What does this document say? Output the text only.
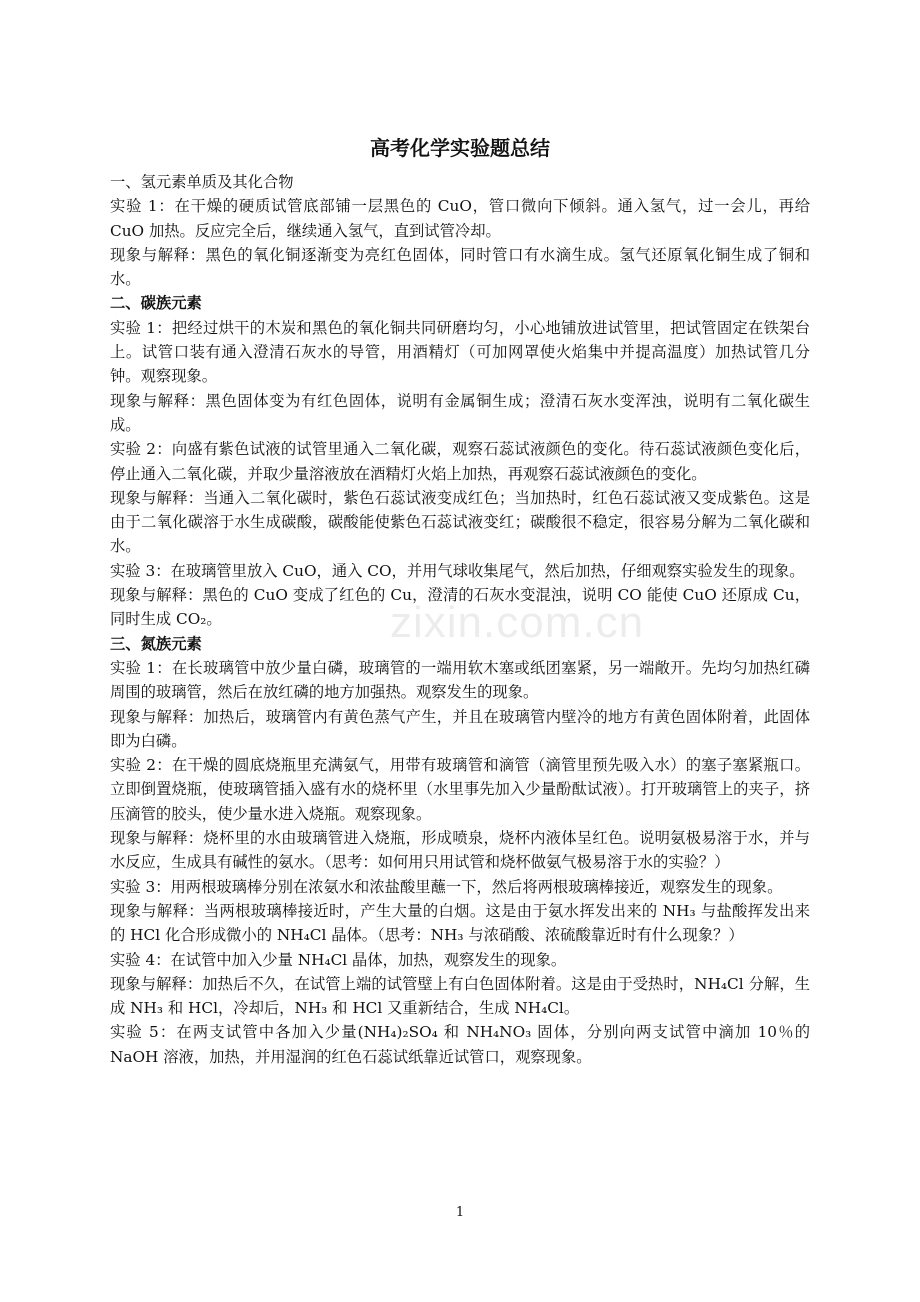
zixin.com.cn
高考化学实验题总结

一、氢元素单质及其化合物

实验 1：在干燥的硬质试管底部铺一层黑色的 CuO，管口微向下倾斜。通入氢气，过一会儿，再给 CuO 加热。反应完全后，继续通入氢气，直到试管冷却。

现象与解释：黑色的氧化铜逐渐变为亮红色固体，同时管口有水滴生成。氢气还原氧化铜生成了铜和水。

二、碳族元素

实验 1：把经过烘干的木炭和黑色的氧化铜共同研磨均匀，小心地铺放进试管里，把试管固定在铁架台上。试管口装有通入澄清石灰水的导管，用酒精灯（可加网罩使火焰集中并提高温度）加热试管几分钟。观察现象。

现象与解释：黑色固体变为有红色固体，说明有金属铜生成；澄清石灰水变浑浊，说明有二氧化碳生成。

实验 2：向盛有紫色试液的试管里通入二氧化碳，观察石蕊试液颜色的变化。待石蕊试液颜色变化后，停止通入二氧化碳，并取少量溶液放在酒精灯火焰上加热，再观察石蕊试液颜色的变化。

现象与解释：当通入二氧化碳时，紫色石蕊试液变成红色；当加热时，红色石蕊试液又变成紫色。这是由于二氧化碳溶于水生成碳酸，碳酸能使紫色石蕊试液变红；碳酸很不稳定，很容易分解为二氧化碳和水。

实验 3：在玻璃管里放入 CuO，通入 CO，并用气球收集尾气，然后加热，仔细观察实验发生的现象。

现象与解释：黑色的 CuO 变成了红色的 Cu，澄清的石灰水变混浊，说明 CO 能使 CuO 还原成 Cu，同时生成 CO₂。

三、氮族元素

实验 1：在长玻璃管中放少量白磷，玻璃管的一端用软木塞或纸团塞紧，另一端敞开。先均匀加热红磷周围的玻璃管，然后在放红磷的地方加强热。观察发生的现象。

现象与解释：加热后，玻璃管内有黄色蒸气产生，并且在玻璃管内壁冷的地方有黄色固体附着，此固体即为白磷。

实验 2：在干燥的圆底烧瓶里充满氨气，用带有玻璃管和滴管（滴管里预先吸入水）的塞子塞紧瓶口。立即倒置烧瓶，使玻璃管插入盛有水的烧杯里（水里事先加入少量酚酞试液）。打开玻璃管上的夹子，挤压滴管的胶头，使少量水进入烧瓶。观察现象。

现象与解释：烧杯里的水由玻璃管进入烧瓶，形成喷泉，烧杯内液体呈红色。说明氨极易溶于水，并与水反应，生成具有碱性的氨水。（思考：如何用只用试管和烧杯做氨气极易溶于水的实验？）

实验 3：用两根玻璃棒分别在浓氨水和浓盐酸里蘸一下，然后将两根玻璃棒接近，观察发生的现象。

现象与解释：当两根玻璃棒接近时，产生大量的白烟。这是由于氨水挥发出来的 NH₃ 与盐酸挥发出来的 HCl 化合形成微小的 NH₄Cl 晶体。（思考：NH₃ 与浓硝酸、浓硫酸靠近时有什么现象？）

实验 4：在试管中加入少量 NH₄Cl 晶体，加热，观察发生的现象。

现象与解释：加热后不久，在试管上端的试管壁上有白色固体附着。这是由于受热时，NH₄Cl 分解，生成 NH₃ 和 HCl，冷却后，NH₃ 和 HCl 又重新结合，生成 NH₄Cl。

实验 5：在两支试管中各加入少量(NH₄)₂SO₄ 和 NH₄NO₃ 固体，分别向两支试管中滴加 10％的 NaOH 溶液，加热，并用湿润的红色石蕊试纸靠近试管口，观察现象。

1
